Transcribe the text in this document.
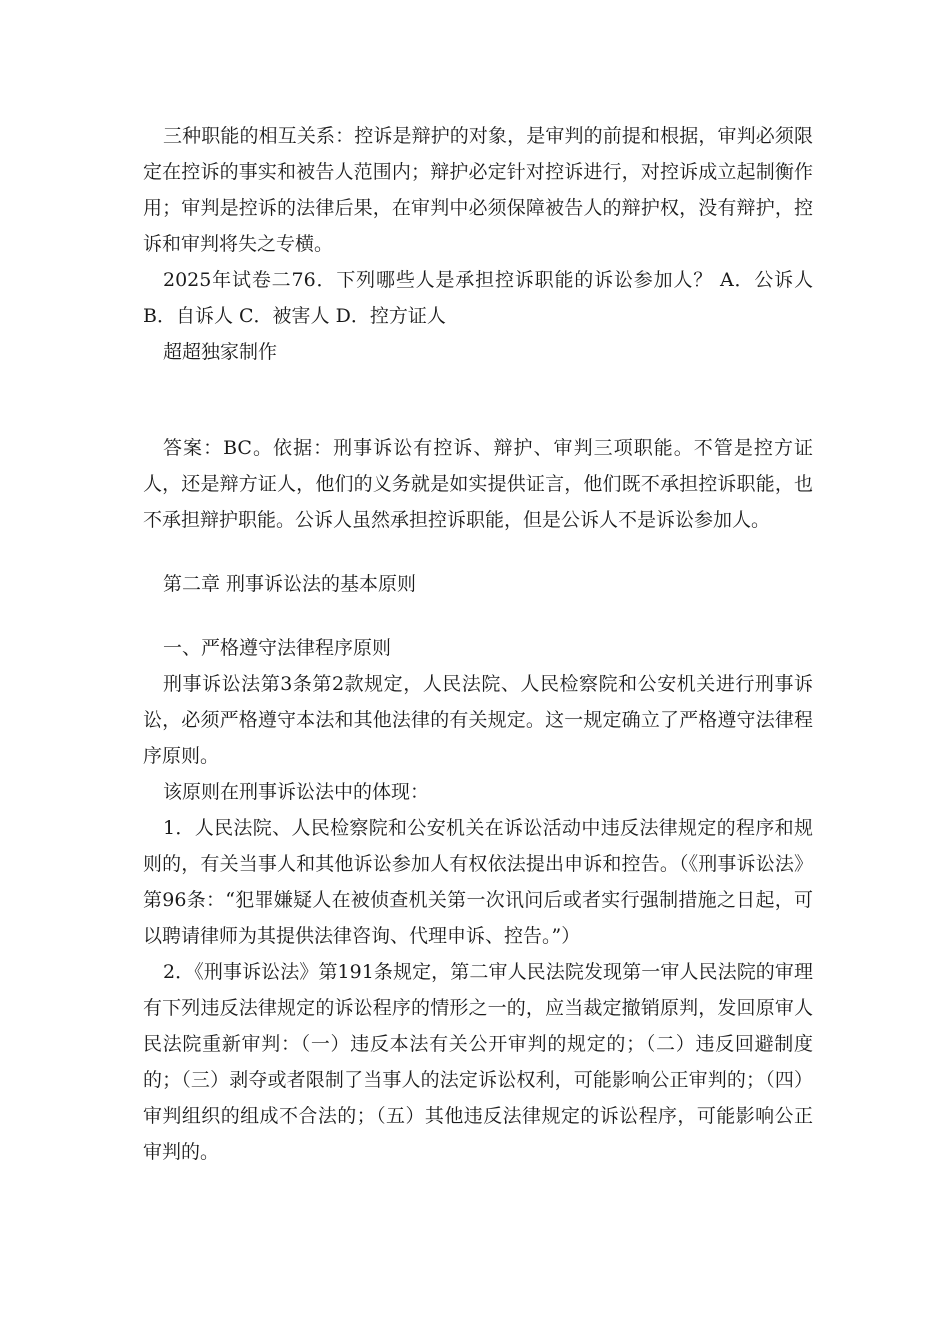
三种职能的相互关系：控诉是辩护的对象，是审判的前提和根据，审判必须限定在控诉的事实和被告人范围内；辩护必定针对控诉进行，对控诉成立起制衡作用；审判是控诉的法律后果，在审判中必须保障被告人的辩护权，没有辩护，控诉和审判将失之专横。

2025年试卷二76．下列哪些人是承担控诉职能的诉讼参加人？ A．公诉人 B．自诉人 C．被害人 D．控方证人

超超独家制作

答案：BC。依据：刑事诉讼有控诉、辩护、审判三项职能。不管是控方证人，还是辩方证人，他们的义务就是如实提供证言，他们既不承担控诉职能，也不承担辩护职能。公诉人虽然承担控诉职能，但是公诉人不是诉讼参加人。

第二章 刑事诉讼法的基本原则

一、严格遵守法律程序原则

刑事诉讼法第3条第2款规定，人民法院、人民检察院和公安机关进行刑事诉讼，必须严格遵守本法和其他法律的有关规定。这一规定确立了严格遵守法律程序原则。

该原则在刑事诉讼法中的体现：

1．人民法院、人民检察院和公安机关在诉讼活动中违反法律规定的程序和规则的，有关当事人和其他诉讼参加人有权依法提出申诉和控告。（《刑事诉讼法》第96条：“犯罪嫌疑人在被侦查机关第一次讯问后或者实行强制措施之日起，可以聘请律师为其提供法律咨询、代理申诉、控告。”）

2．《刑事诉讼法》第191条规定，第二审人民法院发现第一审人民法院的审理有下列违反法律规定的诉讼程序的情形之一的，应当裁定撤销原判，发回原审人民法院重新审判：（一）违反本法有关公开审判的规定的；（二）违反回避制度的；（三）剥夺或者限制了当事人的法定诉讼权利，可能影响公正审判的；（四）审判组织的组成不合法的；（五）其他违反法律规定的诉讼程序，可能影响公正审判的。
